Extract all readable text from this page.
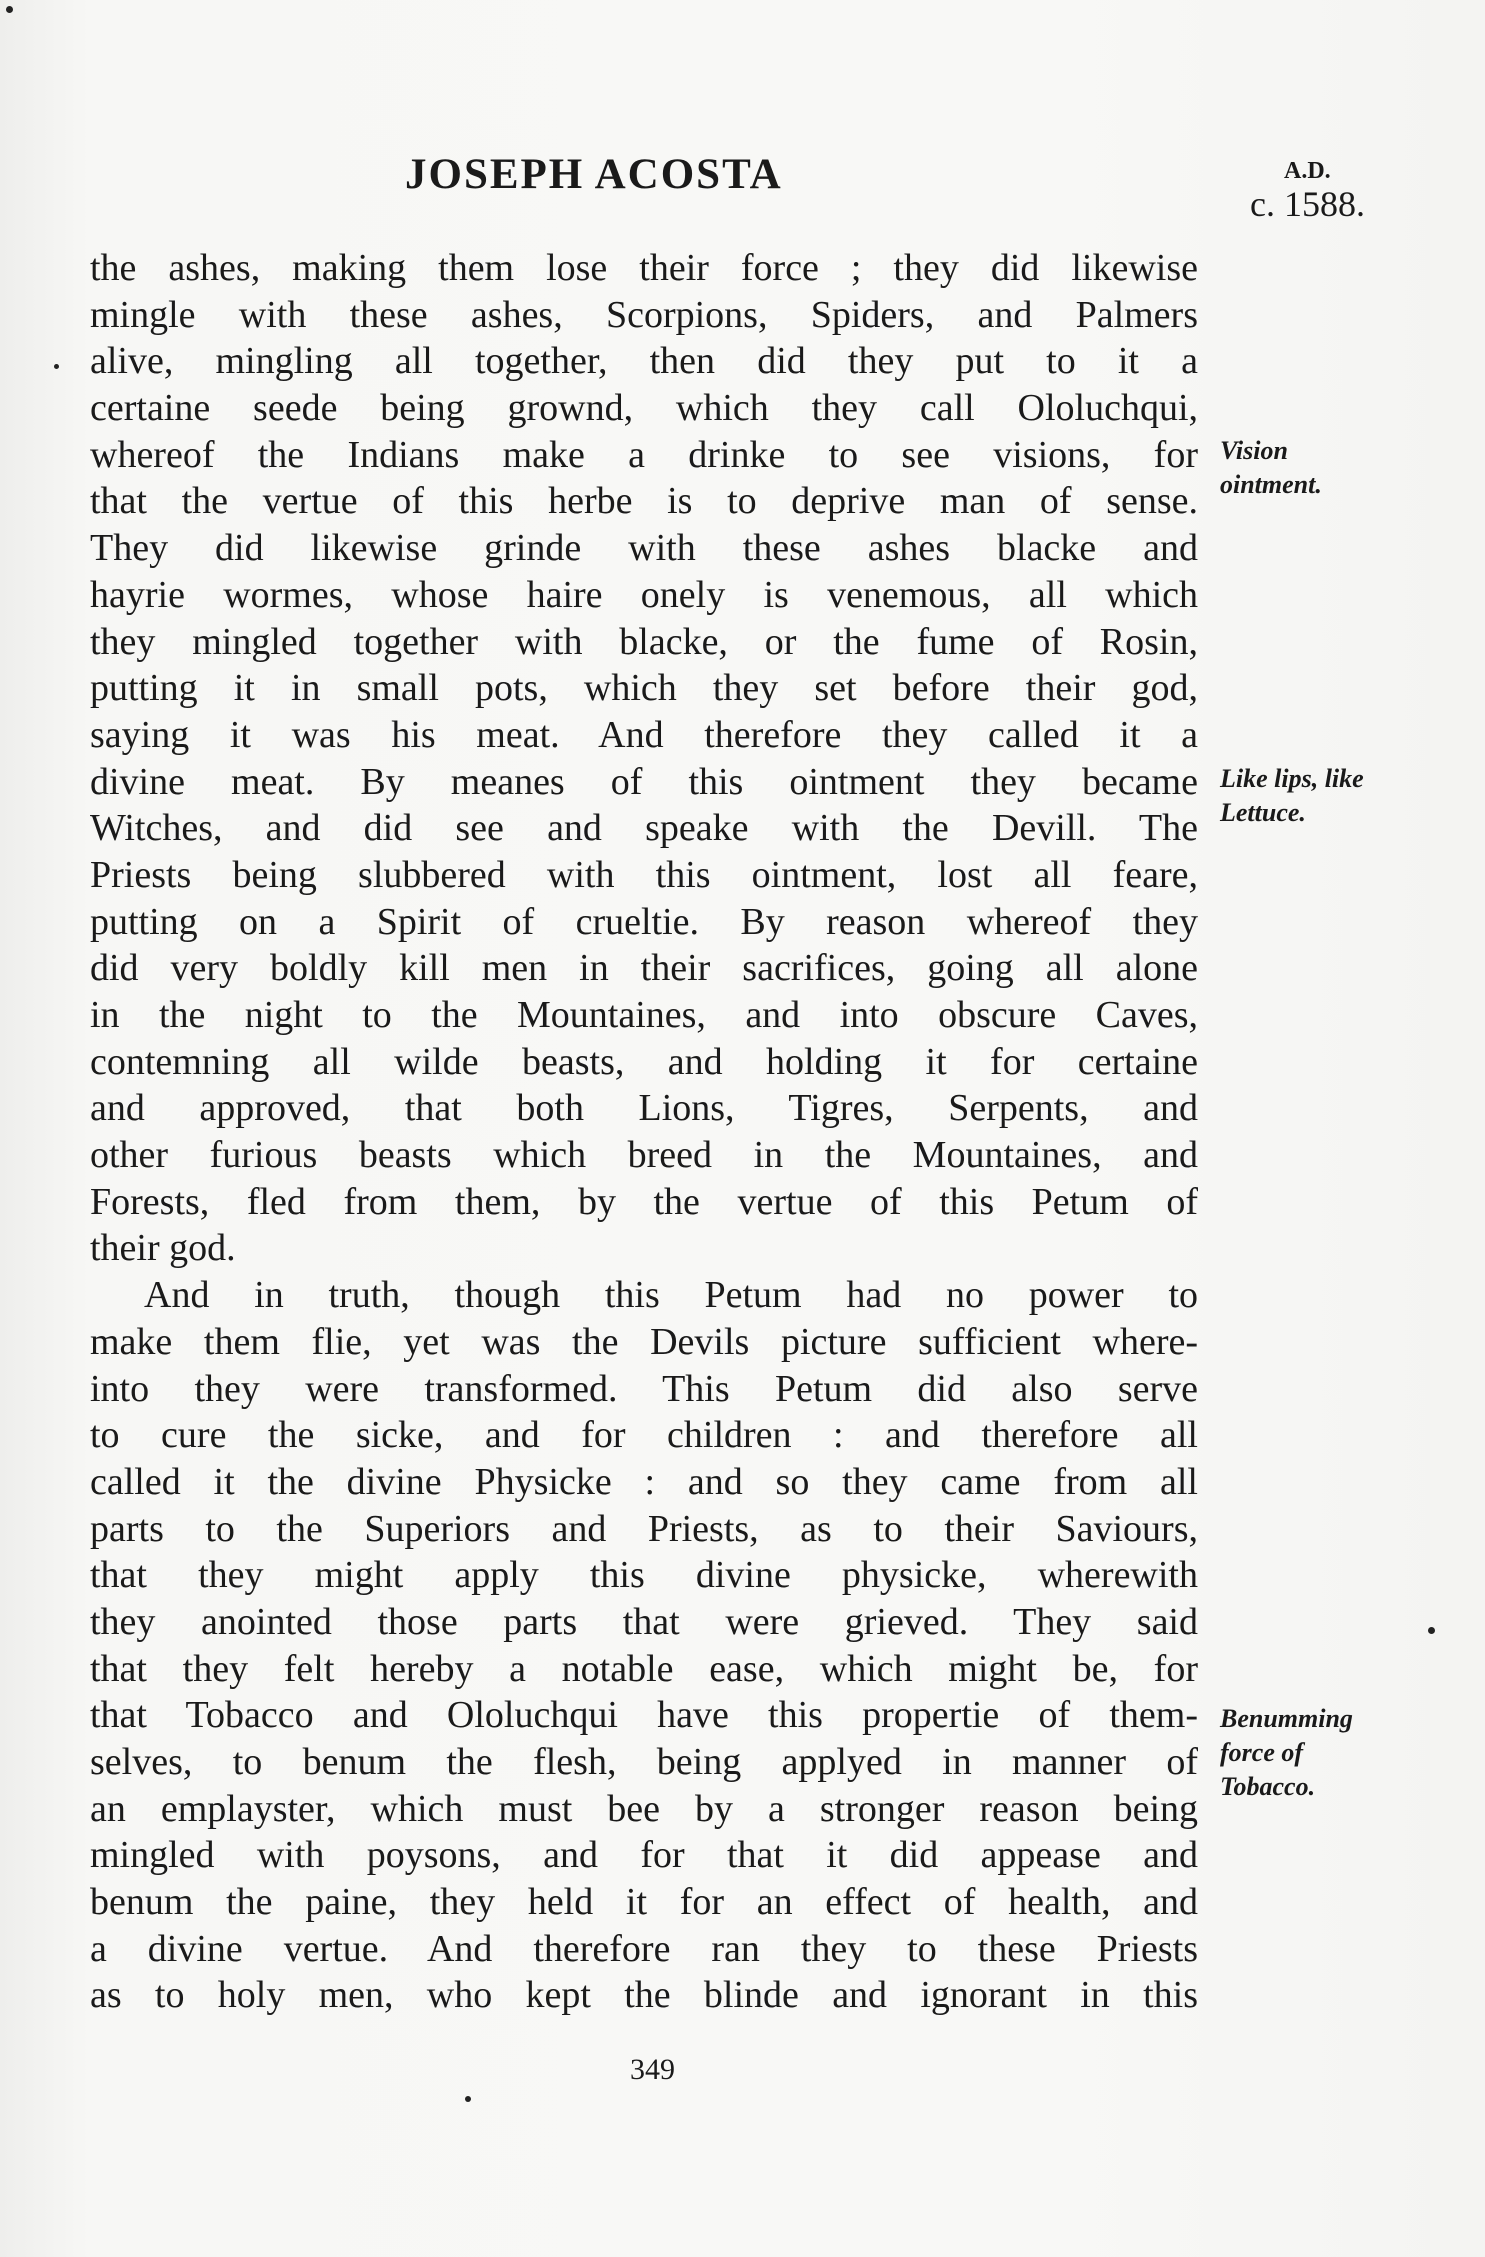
JOSEPH ACOSTA	A.D.
c. 1588.
the ashes, making them lose their force ; they did likewise
mingle with these ashes, Scorpions, Spiders, and Palmers
alive, mingling all together, then did they put to it a
certaine seede being grownd, which they call Ololuchqui,
whereof the Indians make a drinke to see visions, for
that the vertue of this herbe is to deprive man of sense.
They did likewise grinde with these ashes blacke and
hayrie wormes, whose haire onely is venemous, all which
they mingled together with blacke, or the fume of Rosin,
putting it in small pots, which they set before their god,
saying it was his meat. And therefore they called it a
divine meat. By meanes of this ointment they became
Witches, and did see and speake with the Devill. The
Priests being slubbered with this ointment, lost all feare,
putting on a Spirit of crueltie. By reason whereof they
did very boldly kill men in their sacrifices, going all alone
in the night to the Mountaines, and into obscure Caves,
contemning all wilde beasts, and holding it for certaine
and approved, that both Lions, Tigres, Serpents, and
other furious beasts which breed in the Mountaines, and
Forests, fled from them, by the vertue of this Petum of
their god.
And in truth, though this Petum had no power to
make them flie, yet was the Devils picture sufficient where-
into they were transformed. This Petum did also serve
to cure the sicke, and for children : and therefore all
called it the divine Physicke : and so they came from all
parts to the Superiors and Priests, as to their Saviours,
that they might apply this divine physicke, wherewith
they anointed those parts that were grieved. They said
that they felt hereby a notable ease, which might be, for
that Tobacco and Ololuchqui have this propertie of them-
selves, to benum the flesh, being applyed in manner of
an emplayster, which must bee by a stronger reason being
mingled with poysons, and for that it did appease and
benum the paine, they held it for an effect of health, and
a divine vertue. And therefore ran they to these Priests
as to holy men, who kept the blinde and ignorant in this
Vision
ointment.
Like lips, like
Lettuce.
Benumming
force of
Tobacco.
349
